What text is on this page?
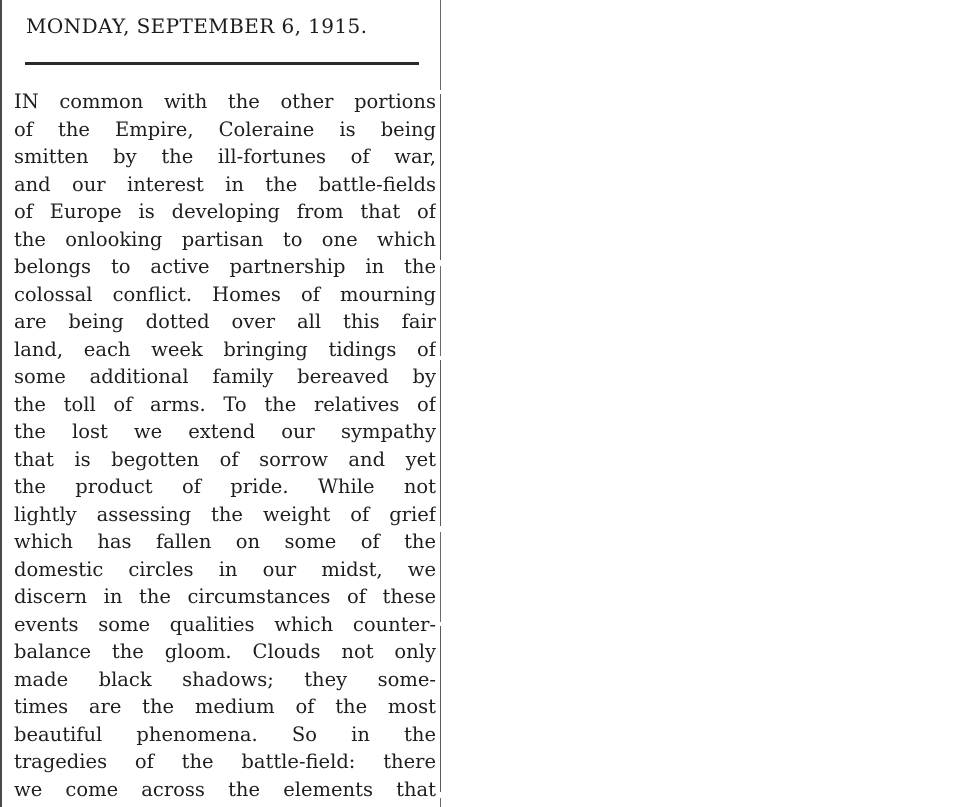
MONDAY, SEPTEMBER 6, 1915.
IN common with the other portions
of the Empire, Coleraine is being
smitten by the ill-fortunes of war,
and our interest in the battle-fields
of Europe is developing from that of
the onlooking partisan to one which
belongs to active partnership in the
colossal conflict. Homes of mourning
are being dotted over all this fair
land, each week bringing tidings of
some additional family bereaved by
the toll of arms. To the relatives of
the lost we extend our sympathy
that is begotten of sorrow and yet
the product of pride. While not
lightly assessing the weight of grief
which has fallen on some of the
domestic circles in our midst, we
discern in the circumstances of these
events some qualities which counter-
balance the gloom. Clouds not only
made black shadows; they some-
times are the medium of the most
beautiful phenomena. So in the
tragedies of the battle-field: there
we come across the elements that
